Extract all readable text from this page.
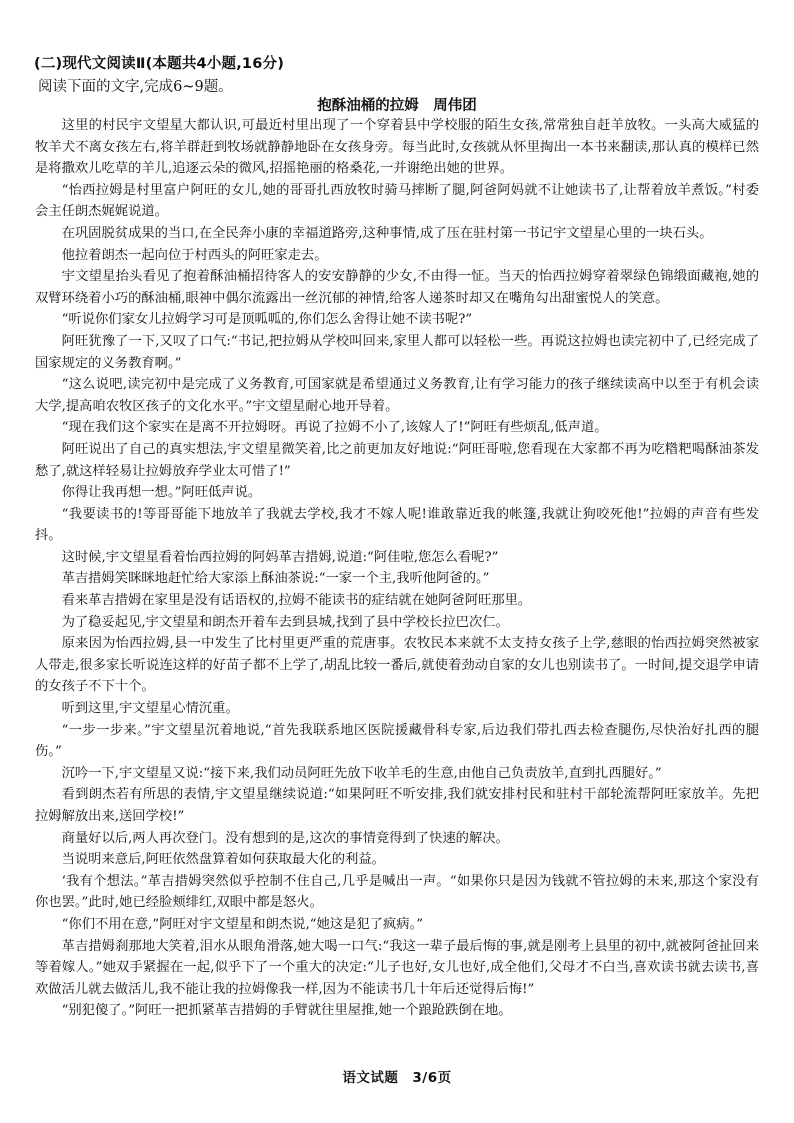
(二)现代文阅读Ⅱ(本题共4小题,16分)
阅读下面的文字,完成6~9题。
抱酥油桶的拉姆　周伟团

这里的村民宇文望星大都认识,可最近村里出现了一个穿着县中学校服的陌生女孩,常常独自赶羊放牧。一头高大威猛的牧羊犬不离女孩左右,将羊群赶到牧场就静静地卧在女孩身旁。每当此时,女孩就从怀里掏出一本书来翻读,那认真的模样已然是将撒欢儿吃草的羊儿,追逐云朵的微风,招摇艳丽的格桑花,一并谢绝出她的世界。

“怡西拉姆是村里富户阿旺的女儿,她的哥哥扎西放牧时骑马摔断了腿,阿爸阿妈就不让她读书了,让帮着放羊煮饭。”村委会主任朗杰娓娓说道。

在巩固脱贫成果的当口,在全民奔小康的幸福道路旁,这种事情,成了压在驻村第一书记宇文望星心里的一块石头。

他拉着朗杰一起向位于村西头的阿旺家走去。

宇文望星抬头看见了抱着酥油桶招待客人的安安静静的少女,不由得一怔。当天的怡西拉姆穿着翠绿色锦缎面藏袍,她的双臂环绕着小巧的酥油桶,眼神中偶尔流露出一丝沉郁的神情,给客人递茶时却又在嘴角勾出甜蜜悦人的笑意。

“听说你们家女儿拉姆学习可是顶呱呱的,你们怎么舍得让她不读书呢?”

阿旺犹豫了一下,又叹了口气:“书记,把拉姆从学校叫回来,家里人都可以轻松一些。再说这拉姆也读完初中了,已经完成了国家规定的义务教育啊。”

“这么说吧,读完初中是完成了义务教育,可国家就是希望通过义务教育,让有学习能力的孩子继续读高中以至于有机会读大学,提高咱农牧区孩子的文化水平。”宇文望星耐心地开导着。

“现在我们这个家实在是离不开拉姆呀。再说了拉姆不小了,该嫁人了!”阿旺有些烦乱,低声道。

阿旺说出了自己的真实想法,宇文望星微笑着,比之前更加友好地说:“阿旺哥啦,您看现在大家都不再为吃糌粑喝酥油茶发愁了,就这样轻易让拉姆放弃学业太可惜了!”

你得让我再想一想。”阿旺低声说。

“我要读书的!等哥哥能下地放羊了我就去学校,我才不嫁人呢!谁敢靠近我的帐篷,我就让狗咬死他!”拉姆的声音有些发抖。

这时候,宇文望星看着怡西拉姆的阿妈革吉措姆,说道:“阿佳啦,您怎么看呢?”

革吉措姆笑眯眯地赶忙给大家添上酥油茶说:“一家一个主,我听他阿爸的。”

看来革吉措姆在家里是没有话语权的,拉姆不能读书的症结就在她阿爸阿旺那里。

为了稳妥起见,宇文望星和朗杰开着车去到县城,找到了县中学校长拉巴次仁。

原来因为怡西拉姆,县一中发生了比村里更严重的荒唐事。农牧民本来就不太支持女孩子上学,慈眼的怡西拉姆突然被家人带走,很多家长听说连这样的好苗子都不上学了,胡乱比较一番后,就使着劲动自家的女儿也别读书了。一时间,提交退学申请的女孩子不下十个。

听到这里,宇文望星心情沉重。

“一步一步来。”宇文望星沉着地说,“首先我联系地区医院援藏骨科专家,后边我们带扎西去检查腿伤,尽快治好扎西的腿伤。”

沉吟一下,宇文望星又说:“接下来,我们动员阿旺先放下收羊毛的生意,由他自己负责放羊,直到扎西腿好。”

看到朗杰若有所思的表情,宇文望星继续说道:“如果阿旺不听安排,我们就安排村民和驻村干部轮流帮阿旺家放羊。先把拉姆解放出来,送回学校!”

商量好以后,两人再次登门。没有想到的是,这次的事情竟得到了快速的解决。

当说明来意后,阿旺依然盘算着如何获取最大化的利益。

‘我有个想法。”革吉措姆突然似乎控制不住自己,几乎是喊出一声。“如果你只是因为钱就不管拉姆的未来,那这个家没有你也罢。”此时,她已经脸颊绯红,双眼中都是怒火。

“你们不用在意,”阿旺对宇文望星和朗杰说,“她这是犯了疯病。”

革吉措姆刹那地大笑着,泪水从眼角滑落,她大喝一口气:“我这一辈子最后悔的事,就是刚考上县里的初中,就被阿爸扯回来等着嫁人。”她双手紧握在一起,似乎下了一个重大的决定:“儿子也好,女儿也好,成全他们,父母才不白当,喜欢读书就去读书,喜欢做活儿就去做活儿,我不能让我的拉姆像我一样,因为不能读书几十年后还觉得后悔!”

“别犯傻了。”阿旺一把抓紧革吉措姆的手臂就往里屋推,她一个踉跄跌倒在地。

语文试题　3/6页
